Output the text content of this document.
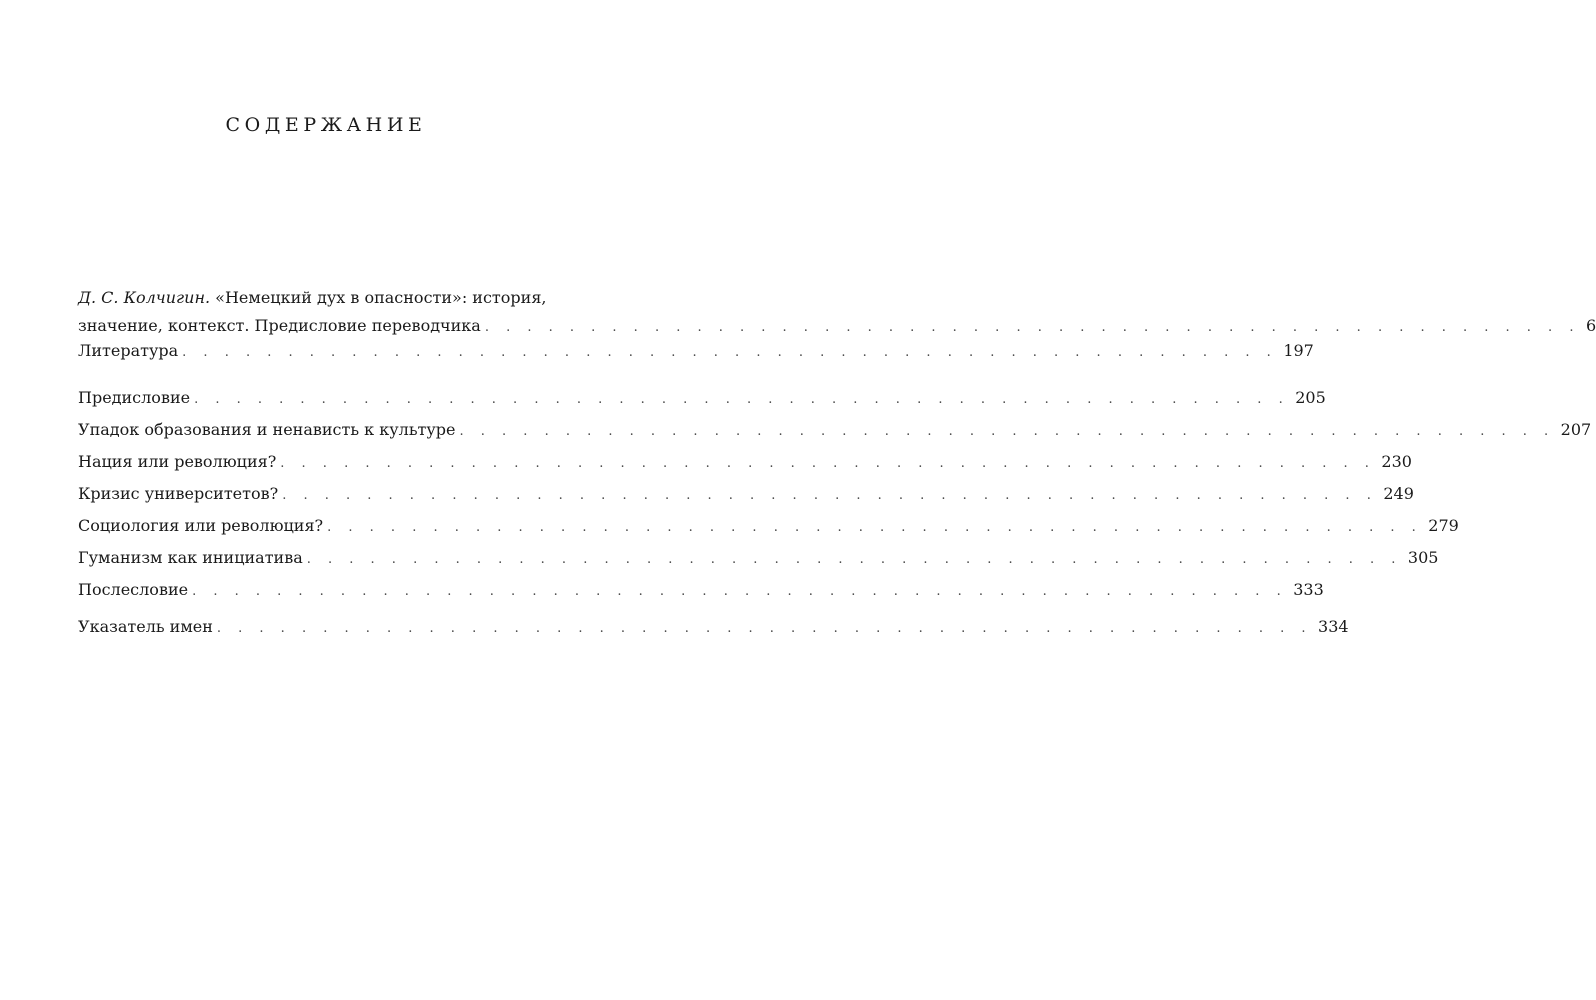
СОДЕРЖАНИЕ
Д. С. Колчигин. «Немецкий дух в опасности»: история,
значение, контекст. Предисловие переводчика . . . . . . . . . . . . . . . . . . . . . . . . . . . . . . . . . . . . . . . . . . . . . . . . . . . . 6
Литература . . . . . . . . . . . . . . . . . . . . . . . . . . . . . . . . . . . . . . . . . . . . . . . . . . . . 197
Предисловие . . . . . . . . . . . . . . . . . . . . . . . . . . . . . . . . . . . . . . . . . . . . . . . . . . . . 205
Упадок образования и ненависть к культуре . . . . . . . . . . . . . . . . . . . . . . . . . . . . . . . . . . . . . . . . . . . . . . . . . . . . 207
Нация или революция? . . . . . . . . . . . . . . . . . . . . . . . . . . . . . . . . . . . . . . . . . . . . . . . . . . . . 230
Кризис университетов? . . . . . . . . . . . . . . . . . . . . . . . . . . . . . . . . . . . . . . . . . . . . . . . . . . . . 249
Социология или революция? . . . . . . . . . . . . . . . . . . . . . . . . . . . . . . . . . . . . . . . . . . . . . . . . . . . . 279
Гуманизм как инициатива . . . . . . . . . . . . . . . . . . . . . . . . . . . . . . . . . . . . . . . . . . . . . . . . . . . . 305
Послесловие . . . . . . . . . . . . . . . . . . . . . . . . . . . . . . . . . . . . . . . . . . . . . . . . . . . . 333
Указатель имен . . . . . . . . . . . . . . . . . . . . . . . . . . . . . . . . . . . . . . . . . . . . . . . . . . . . 334
